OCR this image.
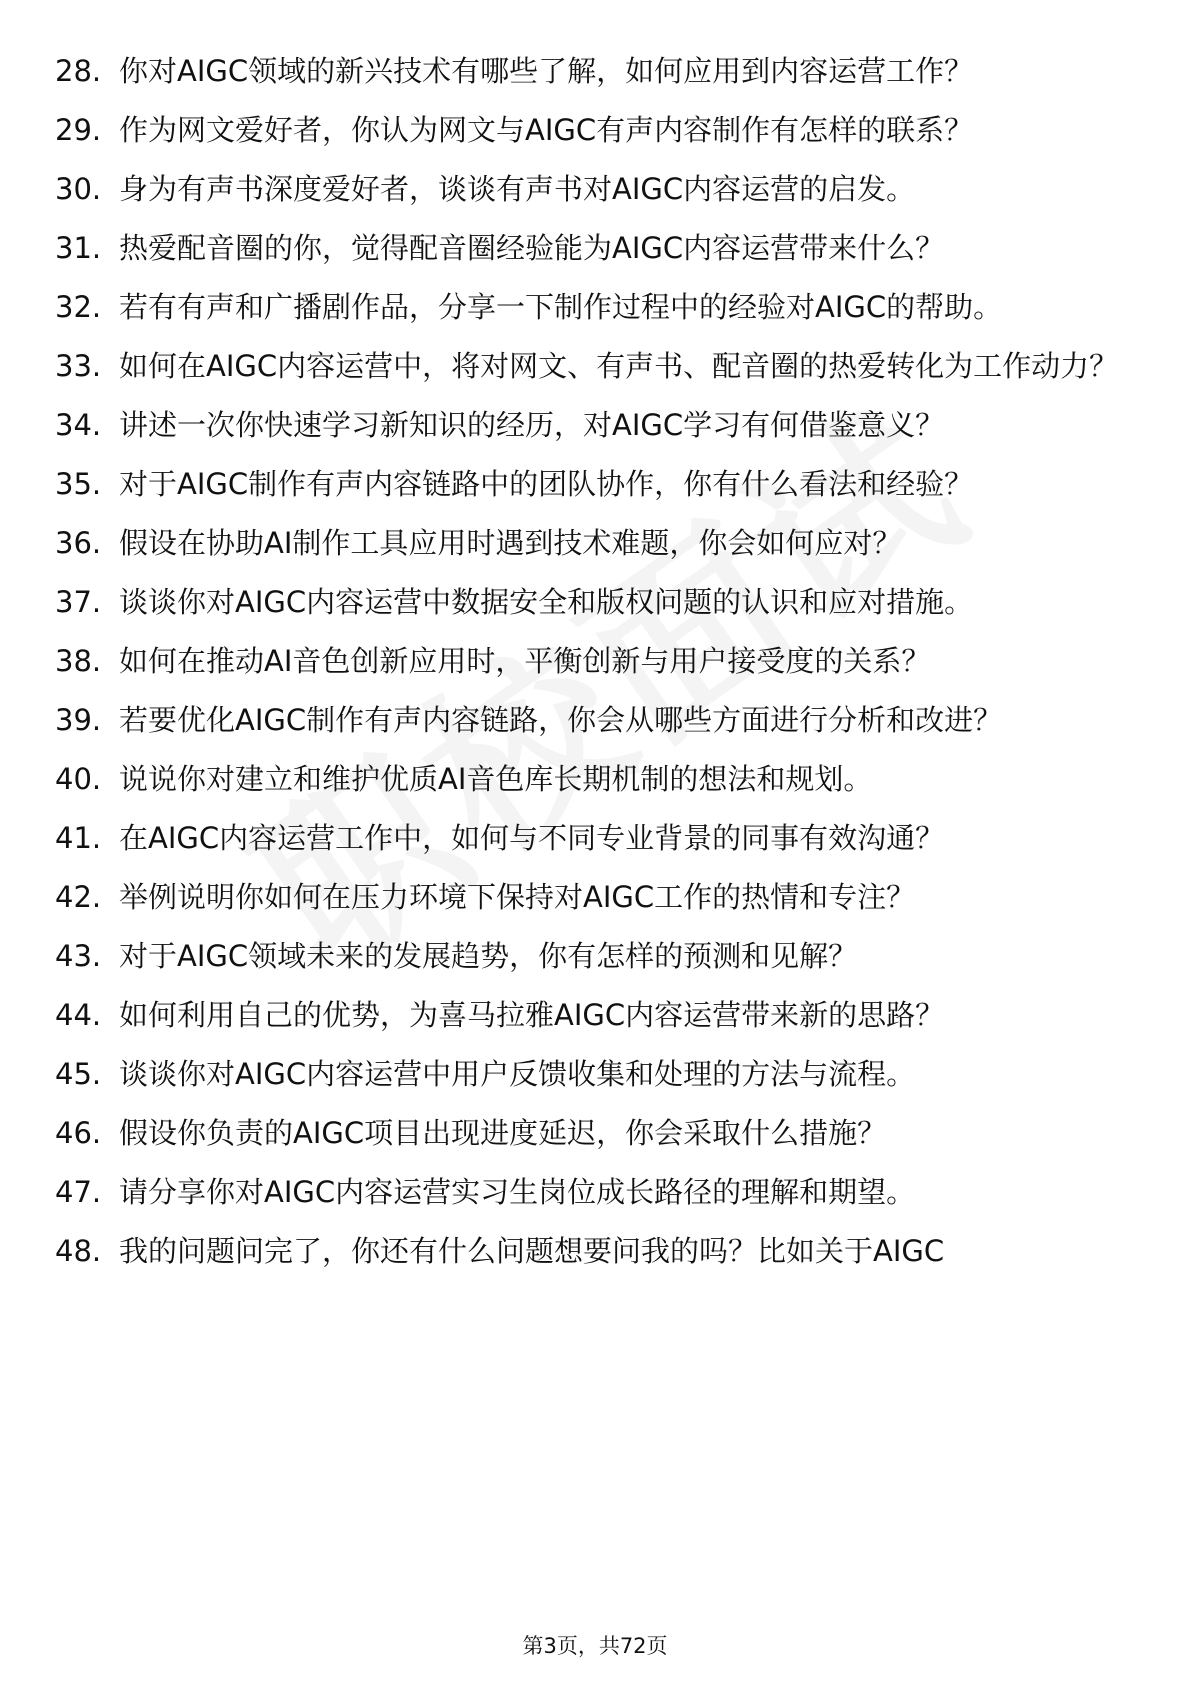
28. 你对AIGC领域的新兴技术有哪些了解，如何应用到内容运营工作？
29. 作为网文爱好者，你认为网文与AIGC有声内容制作有怎样的联系？
30. 身为有声书深度爱好者，谈谈有声书对AIGC内容运营的启发。
31. 热爱配音圈的你，觉得配音圈经验能为AIGC内容运营带来什么？
32. 若有有声和广播剧作品，分享一下制作过程中的经验对AIGC的帮助。
33. 如何在AIGC内容运营中，将对网文、有声书、配音圈的热爱转化为工作动力？
34. 讲述一次你快速学习新知识的经历，对AIGC学习有何借鉴意义？
35. 对于AIGC制作有声内容链路中的团队协作，你有什么看法和经验？
36. 假设在协助AI制作工具应用时遇到技术难题，你会如何应对？
37. 谈谈你对AIGC内容运营中数据安全和版权问题的认识和应对措施。
38. 如何在推动AI音色创新应用时，平衡创新与用户接受度的关系？
39. 若要优化AIGC制作有声内容链路，你会从哪些方面进行分析和改进？
40. 说说你对建立和维护优质AI音色库长期机制的想法和规划。
41. 在AIGC内容运营工作中，如何与不同专业背景的同事有效沟通？
42. 举例说明你如何在压力环境下保持对AIGC工作的热情和专注？
43. 对于AIGC领域未来的发展趋势，你有怎样的预测和见解？
44. 如何利用自己的优势，为喜马拉雅AIGC内容运营带来新的思路？
45. 谈谈你对AIGC内容运营中用户反馈收集和处理的方法与流程。
46. 假设你负责的AIGC项目出现进度延迟，你会采取什么措施？
47. 请分享你对AIGC内容运营实习生岗位成长路径的理解和期望。
48. 我的问题问完了，你还有什么问题想要问我的吗？比如关于AIGC
第3页，共72页
